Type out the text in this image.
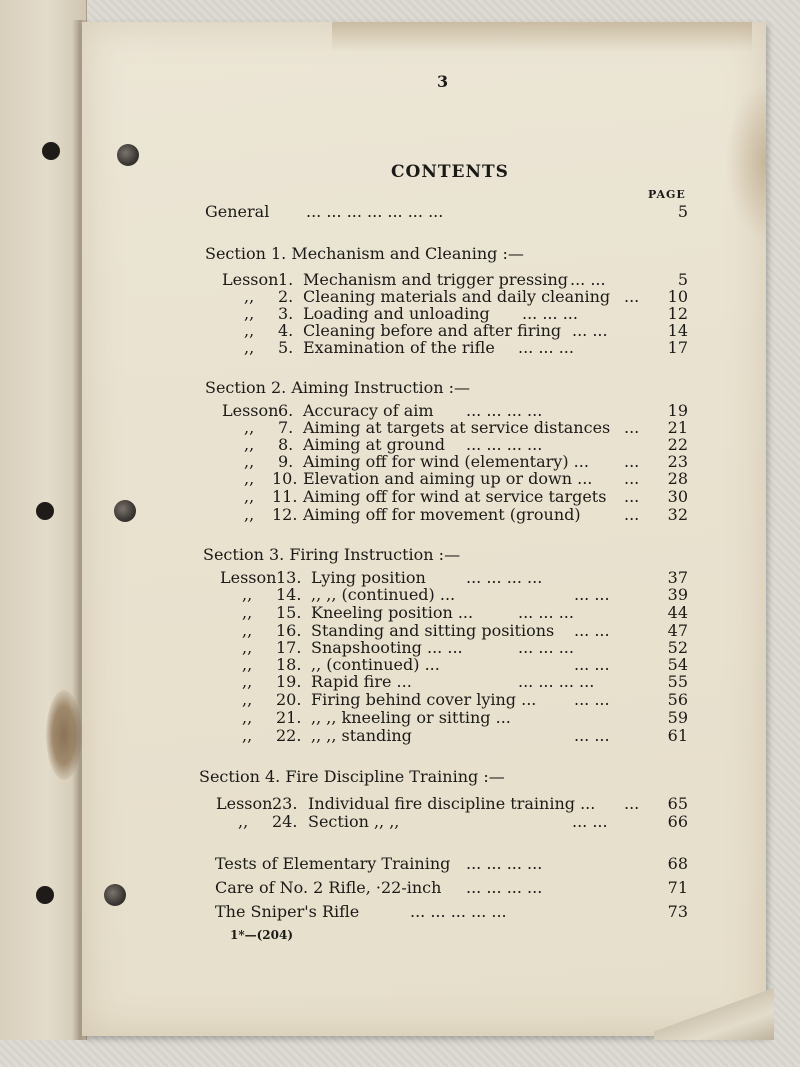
3
CONTENTS
PAGE
General ... ... ... ... ... ... ...	5
Section 1. Mechanism and Cleaning :—
Lesson 1. Mechanism and trigger pressing ... ...	5
,, 2. Cleaning materials and daily cleaning ...	10
,, 3. Loading and unloading ... ... ...	12
,, 4. Cleaning before and after firing ... ...	14
,, 5. Examination of the rifle ... ... ...	17
Section 2. Aiming Instruction :—
Lesson 6. Accuracy of aim ... ... ... ...	19
,, 7. Aiming at targets at service distances ...	21
,, 8. Aiming at ground ... ... ... ...	22
,, 9. Aiming off for wind (elementary) ... ...	23
,, 10. Elevation and aiming up or down ... ...	28
,, 11. Aiming off for wind at service targets ...	30
,, 12. Aiming off for movement (ground)	...	32
Section 3. Firing Instruction :—
Lesson 13. Lying position	... ... ... ...	37
,, 14. ,, ,, (continued) ...	... ...	39
,, 15. Kneeling position ...	... ... ...	44
,, 16. Standing and sitting positions ... ...	47
,, 17. Snapshooting ... ...	... ... ...	52
,, 18. ,, (continued) ...	... ...	54
,, 19. Rapid fire ...	... ... ... ...	55
,, 20. Firing behind cover lying ... ... ...	56
,, 21. ,, ,, kneeling or sitting ...	59
,, 22. ,, ,, standing	... ...	61
Section 4. Fire Discipline Training :—
Lesson 23. Individual fire discipline training ... ...	65
,, 24. Section ,, ,,	... ...	66
Tests of Elementary Training ... ... ... ...	68
Care of No. 2 Rifle, ·22-inch ... ... ... ...	71
The Sniper's Rifle	... ... ... ... ...	73
1*—(204)
